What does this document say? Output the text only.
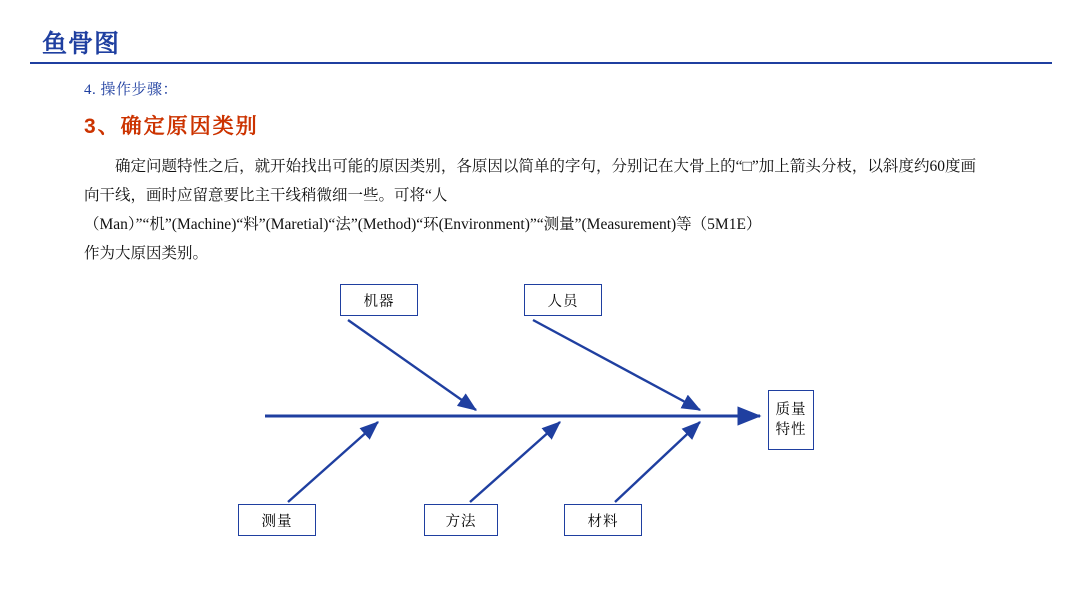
鱼骨图
4. 操作步骤：
3、确定原因类别

确定问题特性之后，就开始找出可能的原因类别，各原因以简单的字句，分别记在大骨上的“□”加上箭头分枝，以斜度约60度画向干线，画时应留意要比主干线稍微细一些。可将“人

（Man）”“机”(Machine)“料”(Maretial)“法”(Method)“环(Environment)”“测量”(Measurement)等（5M1E）

作为大原因类别。

机器	人员
测量	方法	材料
质量
特性
